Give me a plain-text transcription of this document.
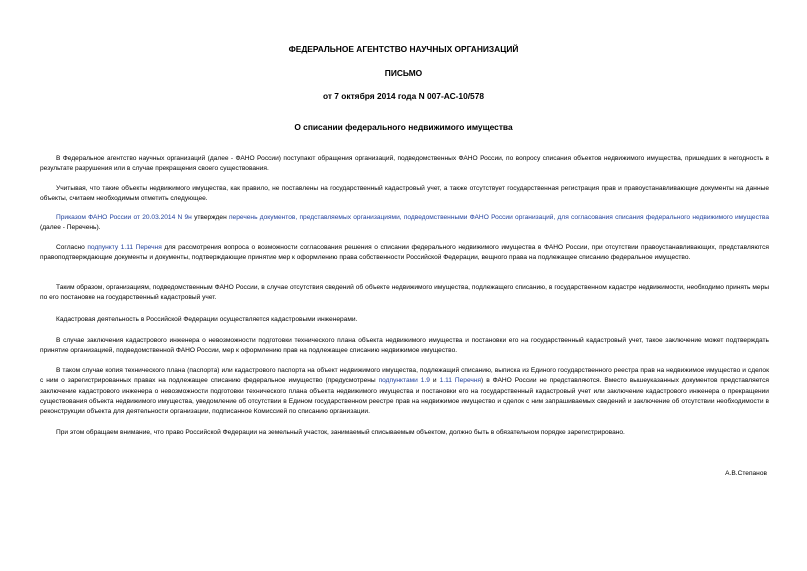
ФЕДЕРАЛЬНОЕ АГЕНТСТВО НАУЧНЫХ ОРГАНИЗАЦИЙ
ПИСЬМО
от 7 октября 2014 года N 007-АС-10/578
О списании федерального недвижимого имущества

В Федеральное агентство научных организаций (далее - ФАНО России) поступают обращения организаций, подведомственных ФАНО России, по вопросу списания объектов недвижимого имущества, пришедших в негодность в результате разрушения или в случае прекращения своего существования.

Учитывая, что такие объекты недвижимого имущества, как правило, не поставлены на государственный кадастровый учет, а также отсутствует государственная регистрация прав и правоустанавливающие документы на данные объекты, считаем необходимым отметить следующее.

Приказом ФАНО России от 20.03.2014 N 9н утвержден перечень документов, представляемых организациями, подведомственными ФАНО России организаций, для согласования списания федерального недвижимого имущества (далее - Перечень).

Согласно подпункту 1.11 Перечня для рассмотрения вопроса о возможности согласования решения о списании федерального недвижимого имущества в ФАНО России, при отсутствии правоустанавливающих, представляются правоподтверждающие документы и документы, подтверждающие принятие мер к оформлению права собственности Российской Федерации, вещного права на подлежащее списанию федеральное имущество.

Таким образом, организациям, подведомственным ФАНО России, в случае отсутствия сведений об объекте недвижимого имущества, подлежащего списанию, в государственном кадастре недвижимости, необходимо принять меры по его постановке на государственный кадастровый учет.

Кадастровая деятельность в Российской Федерации осуществляется кадастровыми инженерами.

В случае заключения кадастрового инженера о невозможности подготовки технического плана объекта недвижимого имущества и постановки его на государственный кадастровый учет, такое заключение может подтверждать принятие организацией, подведомственной ФАНО России, мер к оформлению прав на подлежащее списанию недвижимое имущество.

В таком случае копия технического плана (паспорта) или кадастрового паспорта на объект недвижимого имущества, подлежащий списанию, выписка из Единого государственного реестра прав на недвижимое имущество и сделок с ним о зарегистрированных правах на подлежащее списанию федеральное имущество (предусмотрены подпунктами 1.9 и 1.11 Перечня) в ФАНО России не представляются. Вместо вышеуказанных документов представляется заключение кадастрового инженера о невозможности подготовки технического плана объекта недвижимого имущества и постановки его на государственный кадастровый учет или заключение кадастрового инженера о прекращении существования объекта недвижимого имущества, уведомление об отсутствии в Едином государственном реестре прав на недвижимое имущество и сделок с ним запрашиваемых сведений и заключение об отсутствии необходимости в реконструкции объекта для деятельности организации, подписанное Комиссией по списанию организации.

При этом обращаем внимание, что право Российской Федерации на земельный участок, занимаемый списываемым объектом, должно быть в обязательном порядке зарегистрировано.

А.В.Степанов
